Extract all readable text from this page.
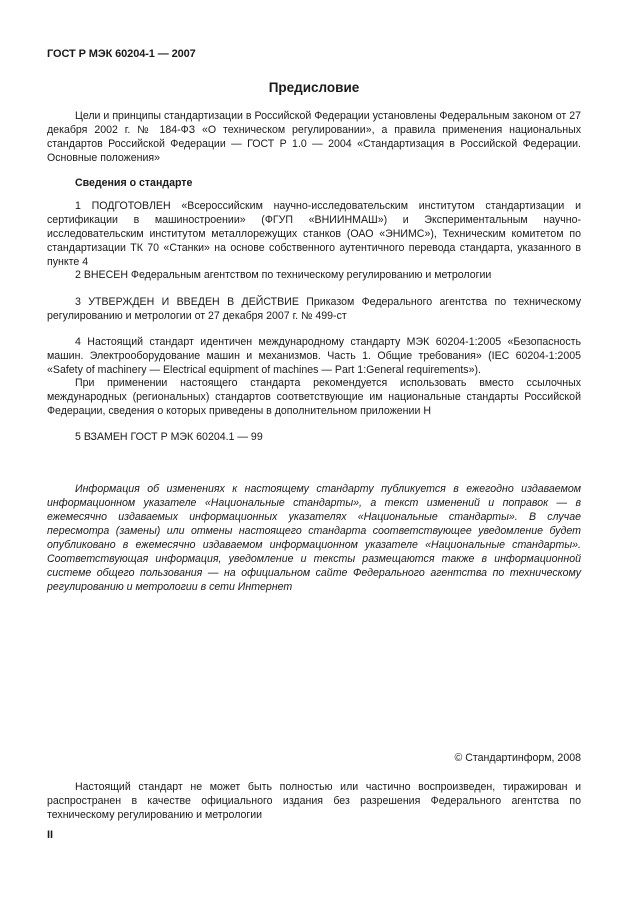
ГОСТ Р МЭК 60204-1 — 2007
Предисловие

Цели и принципы стандартизации в Российской Федерации установлены Федеральным законом от 27 декабря 2002 г. № 184-ФЗ «О техническом регулировании», а правила применения национальных стандартов Российской Федерации — ГОСТ Р 1.0 — 2004 «Стандартизация в Российской Федерации. Основные положения»

Сведения о стандарте

1 ПОДГОТОВЛЕН «Всероссийским научно-исследовательским институтом стандартизации и сертификации в машиностроении» (ФГУП «ВНИИНМАШ») и Экспериментальным научно-исследовательским институтом металлорежущих станков (ОАО «ЭНИМС»), Техническим комитетом по стандартизации ТК 70 «Станки» на основе собственного аутентичного перевода стандарта, указанного в пункте 4

2 ВНЕСЕН Федеральным агентством по техническому регулированию и метрологии

3 УТВЕРЖДЕН И ВВЕДЕН В ДЕЙСТВИЕ Приказом Федерального агентства по техническому регулированию и метрологии от 27 декабря 2007 г. № 499-ст

4 Настоящий стандарт идентичен международному стандарту МЭК 60204-1:2005 «Безопасность машин. Электрооборудование машин и механизмов. Часть 1. Общие требования» (IEC 60204-1:2005 «Safety of machinery — Electrical equipment of machines — Part 1:General requirements»).

При применении настоящего стандарта рекомендуется использовать вместо ссылочных международных (региональных) стандартов соответствующие им национальные стандарты Российской Федерации, сведения о которых приведены в дополнительном приложении Н

5 ВЗАМЕН ГОСТ Р МЭК 60204.1 — 99

Информация об изменениях к настоящему стандарту публикуется в ежегодно издаваемом информационном указателе «Национальные стандарты», а текст изменений и поправок — в ежемесячно издаваемых информационных указателях «Национальные стандарты». В случае пересмотра (замены) или отмены настоящего стандарта соответствующее уведомление будет опубликовано в ежемесячно издаваемом информационном указателе «Национальные стандарты». Соответствующая информация, уведомление и тексты размещаются также в информационной системе общего пользования — на официальном сайте Федерального агентства по техническому регулированию и метрологии в сети Интернет

© Стандартинформ, 2008

Настоящий стандарт не может быть полностью или частично воспроизведен, тиражирован и распространен в качестве официального издания без разрешения Федерального агентства по техническому регулированию и метрологии

II
